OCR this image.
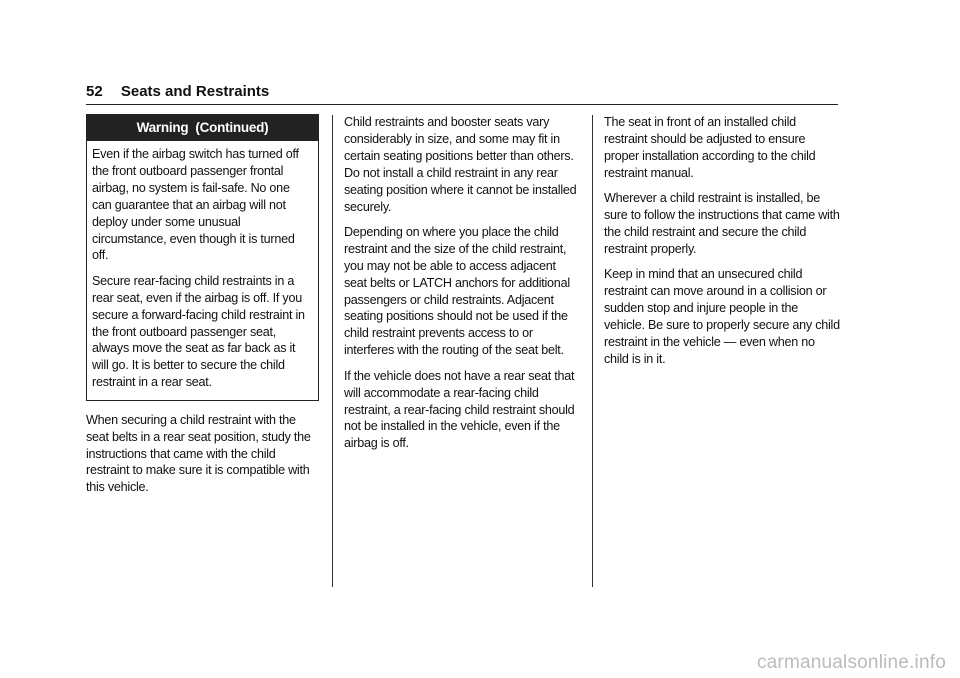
52 Seats and Restraints
Warning  (Continued)

Even if the airbag switch has turned off the front outboard passenger frontal airbag, no system is fail-safe. No one can guarantee that an airbag will not deploy under some unusual circumstance, even though it is turned off.

Secure rear-facing child restraints in a rear seat, even if the airbag is off. If you secure a forward-facing child restraint in the front outboard passenger seat, always move the seat as far back as it will go. It is better to secure the child restraint in a rear seat.

When securing a child restraint with the seat belts in a rear seat position, study the instructions that came with the child restraint to make sure it is compatible with this vehicle.

Child restraints and booster seats vary considerably in size, and some may fit in certain seating positions better than others. Do not install a child restraint in any rear seating position where it cannot be installed securely.

Depending on where you place the child restraint and the size of the child restraint, you may not be able to access adjacent seat belts or LATCH anchors for additional passengers or child restraints. Adjacent seating positions should not be used if the child restraint prevents access to or interferes with the routing of the seat belt.

If the vehicle does not have a rear seat that will accommodate a rear-facing child restraint, a rear-facing child restraint should not be installed in the vehicle, even if the airbag is off.

The seat in front of an installed child restraint should be adjusted to ensure proper installation according to the child restraint manual.

Wherever a child restraint is installed, be sure to follow the instructions that came with the child restraint and secure the child restraint properly.

Keep in mind that an unsecured child restraint can move around in a collision or sudden stop and injure people in the vehicle. Be sure to properly secure any child restraint in the vehicle — even when no child is in it.

carmanualsonline.info
